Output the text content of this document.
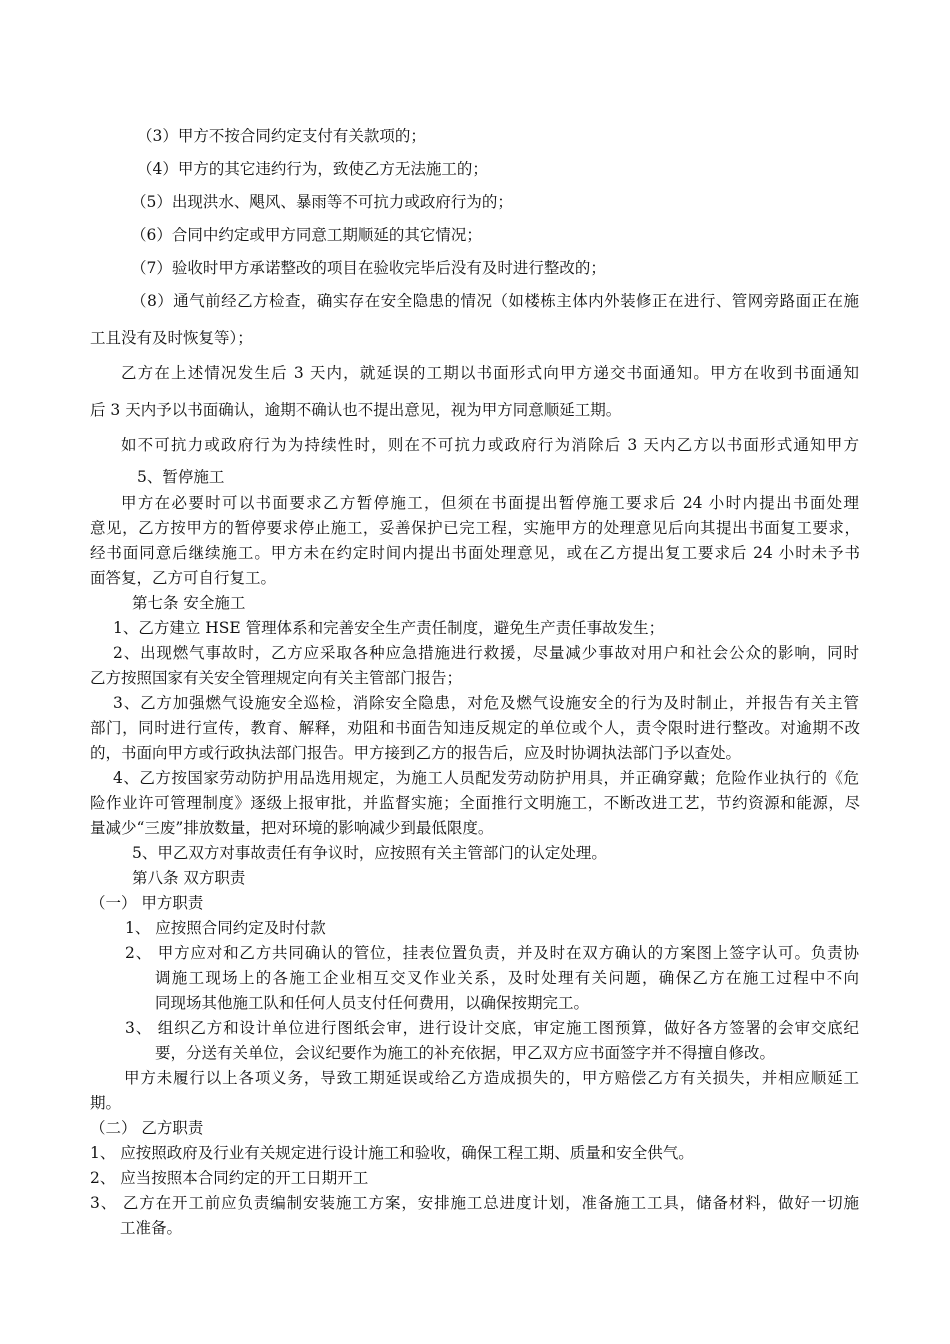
（3）甲方不按合同约定支付有关款项的；
（4）甲方的其它违约行为，致使乙方无法施工的；
（5）出现洪水、飓风、暴雨等不可抗力或政府行为的；
（6）合同中约定或甲方同意工期顺延的其它情况；
（7）验收时甲方承诺整改的项目在验收完毕后没有及时进行整改的；
（8）通气前经乙方检查，确实存在安全隐患的情况（如楼栋主体内外装修正在进行、管网旁路面正在施
工且没有及时恢复等）；
乙方在上述情况发生后 3 天内，就延误的工期以书面形式向甲方递交书面通知。甲方在收到书面通知
后 3 天内予以书面确认，逾期不确认也不提出意见，视为甲方同意顺延工期。
如不可抗力或政府行为为持续性时，则在不可抗力或政府行为消除后 3 天内乙方以书面形式通知甲方
5、暂停施工
甲方在必要时可以书面要求乙方暂停施工，但须在书面提出暂停施工要求后 24 小时内提出书面处理
意见，乙方按甲方的暂停要求停止施工，妥善保护已完工程，实施甲方的处理意见后向其提出书面复工要求，
经书面同意后继续施工。甲方未在约定时间内提出书面处理意见，或在乙方提出复工要求后 24 小时未予书
面答复，乙方可自行复工。
第七条 安全施工
1、乙方建立 HSE 管理体系和完善安全生产责任制度，避免生产责任事故发生；
2、出现燃气事故时，乙方应采取各种应急措施进行救援，尽量减少事故对用户和社会公众的影响，同时
乙方按照国家有关安全管理规定向有关主管部门报告；
3、乙方加强燃气设施安全巡检，消除安全隐患，对危及燃气设施安全的行为及时制止，并报告有关主管
部门，同时进行宣传，教育、解释，劝阻和书面告知违反规定的单位或个人，责令限时进行整改。对逾期不改
的，书面向甲方或行政执法部门报告。甲方接到乙方的报告后，应及时协调执法部门予以查处。
4、乙方按国家劳动防护用品选用规定，为施工人员配发劳动防护用具，并正确穿戴；危险作业执行的《危
险作业许可管理制度》逐级上报审批，并监督实施；全面推行文明施工，不断改进工艺，节约资源和能源，尽
量减少“三废”排放数量，把对环境的影响减少到最低限度。
5、甲乙双方对事故责任有争议时，应按照有关主管部门的认定处理。
第八条 双方职责
（一） 甲方职责
1、 应按照合同约定及时付款
2、 甲方应对和乙方共同确认的管位，挂表位置负责，并及时在双方确认的方案图上签字认可。负责协
调施工现场上的各施工企业相互交叉作业关系，及时处理有关问题，确保乙方在施工过程中不向
同现场其他施工队和任何人员支付任何费用，以确保按期完工。
3、 组织乙方和设计单位进行图纸会审，进行设计交底，审定施工图预算，做好各方签署的会审交底纪
要，分送有关单位，会议纪要作为施工的补充依据，甲乙双方应书面签字并不得擅自修改。
甲方未履行以上各项义务，导致工期延误或给乙方造成损失的，甲方赔偿乙方有关损失，并相应顺延工
期。
（二） 乙方职责
1、 应按照政府及行业有关规定进行设计施工和验收，确保工程工期、质量和安全供气。
2、 应当按照本合同约定的开工日期开工
3、 乙方在开工前应负责编制安装施工方案，安排施工总进度计划，准备施工工具，储备材料，做好一切施
工准备。
